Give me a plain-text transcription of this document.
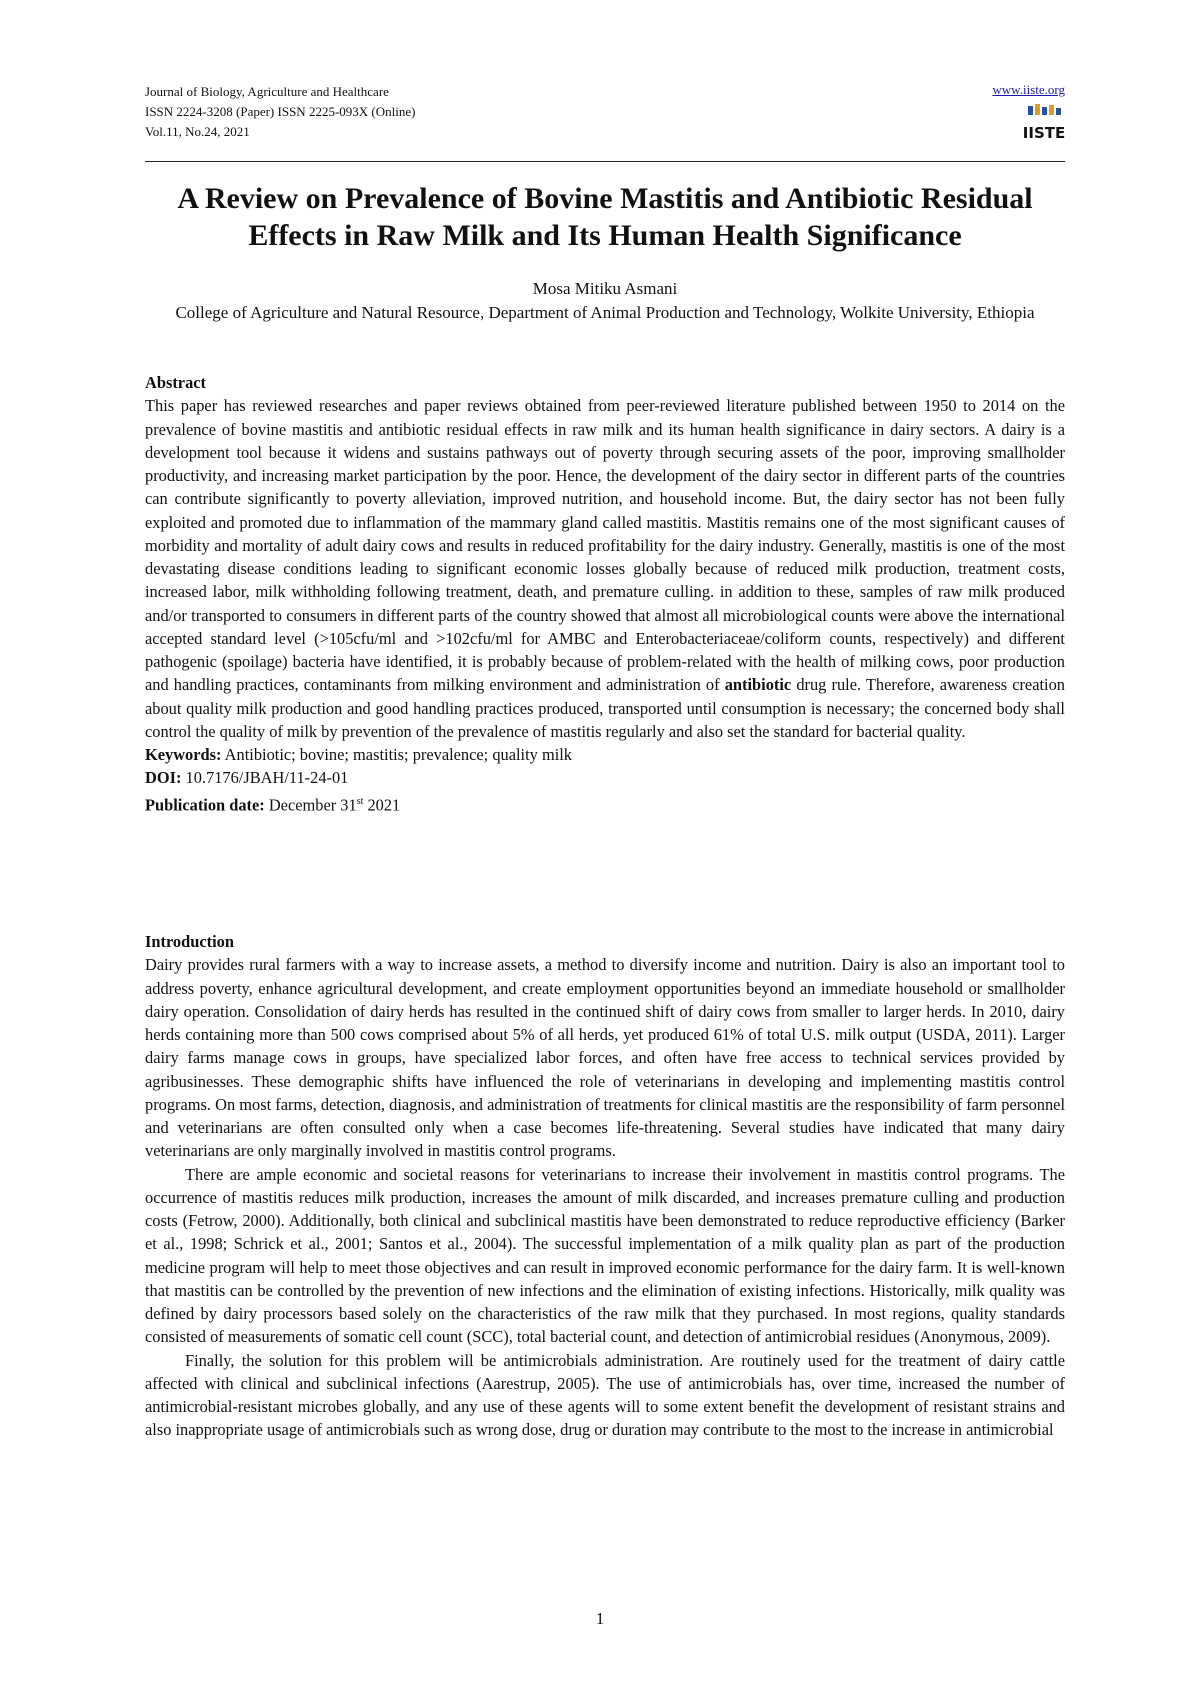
Journal of Biology, Agriculture and Healthcare
ISSN 2224-3208 (Paper) ISSN 2225-093X (Online)
Vol.11, No.24, 2021
www.iiste.org
IISTE
A Review on Prevalence of Bovine Mastitis and Antibiotic Residual Effects in Raw Milk and Its Human Health Significance
Mosa Mitiku Asmani
College of Agriculture and Natural Resource, Department of Animal Production and Technology, Wolkite University, Ethiopia
Abstract

This paper has reviewed researches and paper reviews obtained from peer-reviewed literature published between 1950 to 2014 on the prevalence of bovine mastitis and antibiotic residual effects in raw milk and its human health significance in dairy sectors. A dairy is a development tool because it widens and sustains pathways out of poverty through securing assets of the poor, improving smallholder productivity, and increasing market participation by the poor. Hence, the development of the dairy sector in different parts of the countries can contribute significantly to poverty alleviation, improved nutrition, and household income. But, the dairy sector has not been fully exploited and promoted due to inflammation of the mammary gland called mastitis. Mastitis remains one of the most significant causes of morbidity and mortality of adult dairy cows and results in reduced profitability for the dairy industry. Generally, mastitis is one of the most devastating disease conditions leading to significant economic losses globally because of reduced milk production, treatment costs, increased labor, milk withholding following treatment, death, and premature culling. in addition to these, samples of raw milk produced and/or transported to consumers in different parts of the country showed that almost all microbiological counts were above the international accepted standard level (>105cfu/ml and >102cfu/ml for AMBC and Enterobacteriaceae/coliform counts, respectively) and different pathogenic (spoilage) bacteria have identified, it is probably because of problem-related with the health of milking cows, poor production and handling practices, contaminants from milking environment and administration of antibiotic drug rule. Therefore, awareness creation about quality milk production and good handling practices produced, transported until consumption is necessary; the concerned body shall control the quality of milk by prevention of the prevalence of mastitis regularly and also set the standard for bacterial quality.

Keywords: Antibiotic; bovine; mastitis; prevalence; quality milk
DOI: 10.7176/JBAH/11-24-01
Publication date: December 31st 2021
Introduction

Dairy provides rural farmers with a way to increase assets, a method to diversify income and nutrition. Dairy is also an important tool to address poverty, enhance agricultural development, and create employment opportunities beyond an immediate household or smallholder dairy operation. Consolidation of dairy herds has resulted in the continued shift of dairy cows from smaller to larger herds. In 2010, dairy herds containing more than 500 cows comprised about 5% of all herds, yet produced 61% of total U.S. milk output (USDA, 2011). Larger dairy farms manage cows in groups, have specialized labor forces, and often have free access to technical services provided by agribusinesses. These demographic shifts have influenced the role of veterinarians in developing and implementing mastitis control programs. On most farms, detection, diagnosis, and administration of treatments for clinical mastitis are the responsibility of farm personnel and veterinarians are often consulted only when a case becomes life-threatening. Several studies have indicated that many dairy veterinarians are only marginally involved in mastitis control programs.

There are ample economic and societal reasons for veterinarians to increase their involvement in mastitis control programs. The occurrence of mastitis reduces milk production, increases the amount of milk discarded, and increases premature culling and production costs (Fetrow, 2000). Additionally, both clinical and subclinical mastitis have been demonstrated to reduce reproductive efficiency (Barker et al., 1998; Schrick et al., 2001; Santos et al., 2004). The successful implementation of a milk quality plan as part of the production medicine program will help to meet those objectives and can result in improved economic performance for the dairy farm. It is well-known that mastitis can be controlled by the prevention of new infections and the elimination of existing infections. Historically, milk quality was defined by dairy processors based solely on the characteristics of the raw milk that they purchased. In most regions, quality standards consisted of measurements of somatic cell count (SCC), total bacterial count, and detection of antimicrobial residues (Anonymous, 2009).

Finally, the solution for this problem will be antimicrobials administration. Are routinely used for the treatment of dairy cattle affected with clinical and subclinical infections (Aarestrup, 2005). The use of antimicrobials has, over time, increased the number of antimicrobial-resistant microbes globally, and any use of these agents will to some extent benefit the development of resistant strains and also inappropriate usage of antimicrobials such as wrong dose, drug or duration may contribute to the most to the increase in antimicrobial

1
